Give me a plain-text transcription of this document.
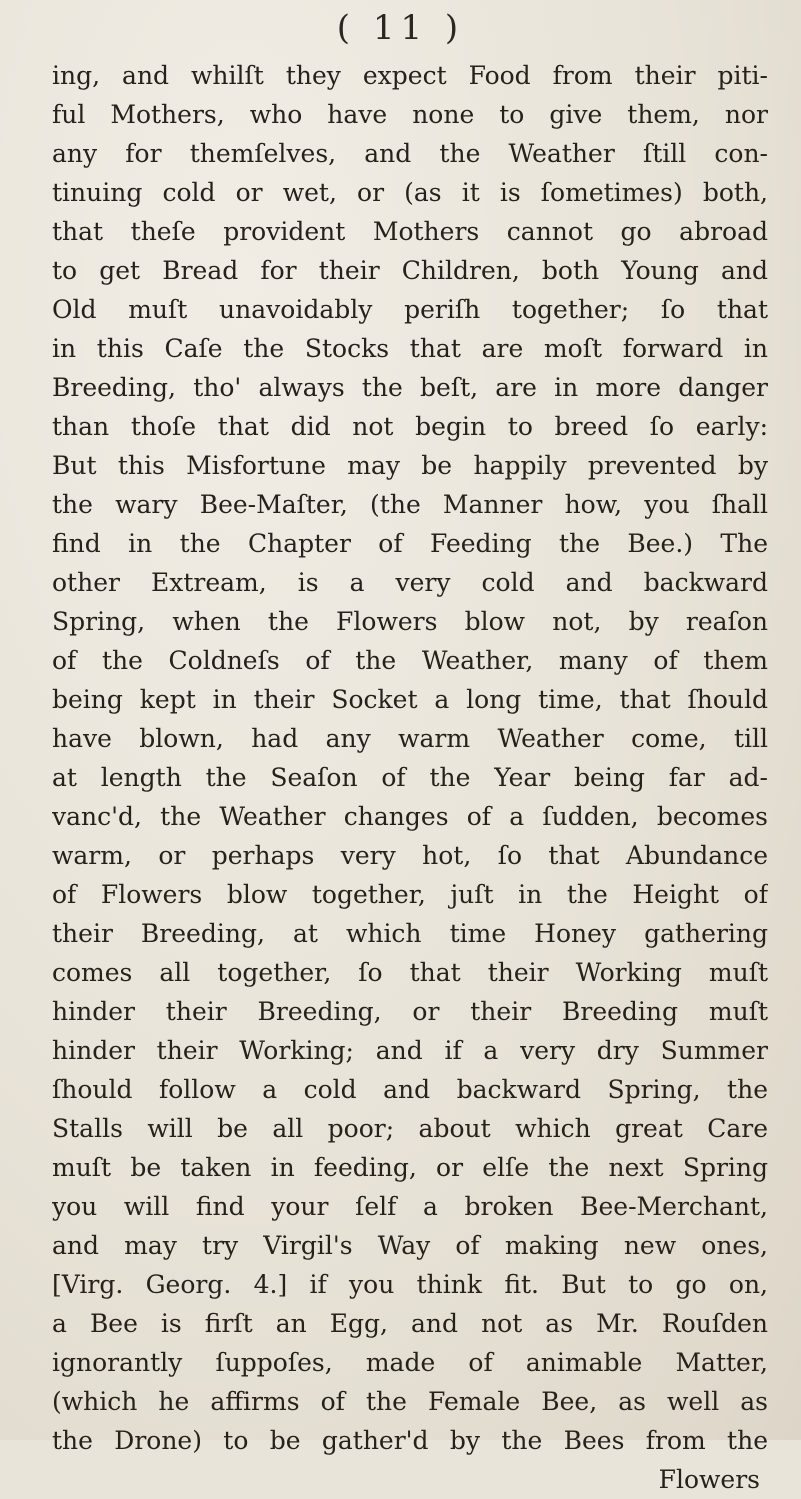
( 11 )
ing, and whilſt they expect Food from their piti-
ful Mothers, who have none to give them, nor
any for themſelves, and the Weather ſtill con-
tinuing cold or wet, or (as it is ſometimes) both,
that theſe provident Mothers cannot go abroad
to get Bread for their Children, both Young and
Old muſt unavoidably periſh together; ſo that
in this Caſe the Stocks that are moſt forward in
Breeding, tho' always the beſt, are in more danger
than thoſe that did not begin to breed ſo early:
But this Misfortune may be happily prevented by
the wary Bee-Maſter, (the Manner how, you ſhall
find in the Chapter of Feeding the Bee.) The
other Extream, is a very cold and backward
Spring, when the Flowers blow not, by reaſon
of the Coldneſs of the Weather, many of them
being kept in their Socket a long time, that ſhould
have blown, had any warm Weather come, till
at length the Seaſon of the Year being far ad-
vanc'd, the Weather changes of a ſudden, becomes
warm, or perhaps very hot, ſo that Abundance
of Flowers blow together, juſt in the Height of
their Breeding, at which time Honey gathering
comes all together, ſo that their Working muſt
hinder their Breeding, or their Breeding muſt
hinder their Working; and if a very dry Summer
ſhould follow a cold and backward Spring, the
Stalls will be all poor; about which great Care
muſt be taken in feeding, or elſe the next Spring
you will find your ſelf a broken Bee-Merchant,
and may try Virgil's Way of making new ones,
[Virg. Georg. 4.] if you think fit. But to go on,
a Bee is firſt an Egg, and not as Mr. Rouſden
ignorantly ſuppoſes, made of animable Matter,
(which he affirms of the Female Bee, as well as
the Drone) to be gather'd by the Bees from the
Flowers
